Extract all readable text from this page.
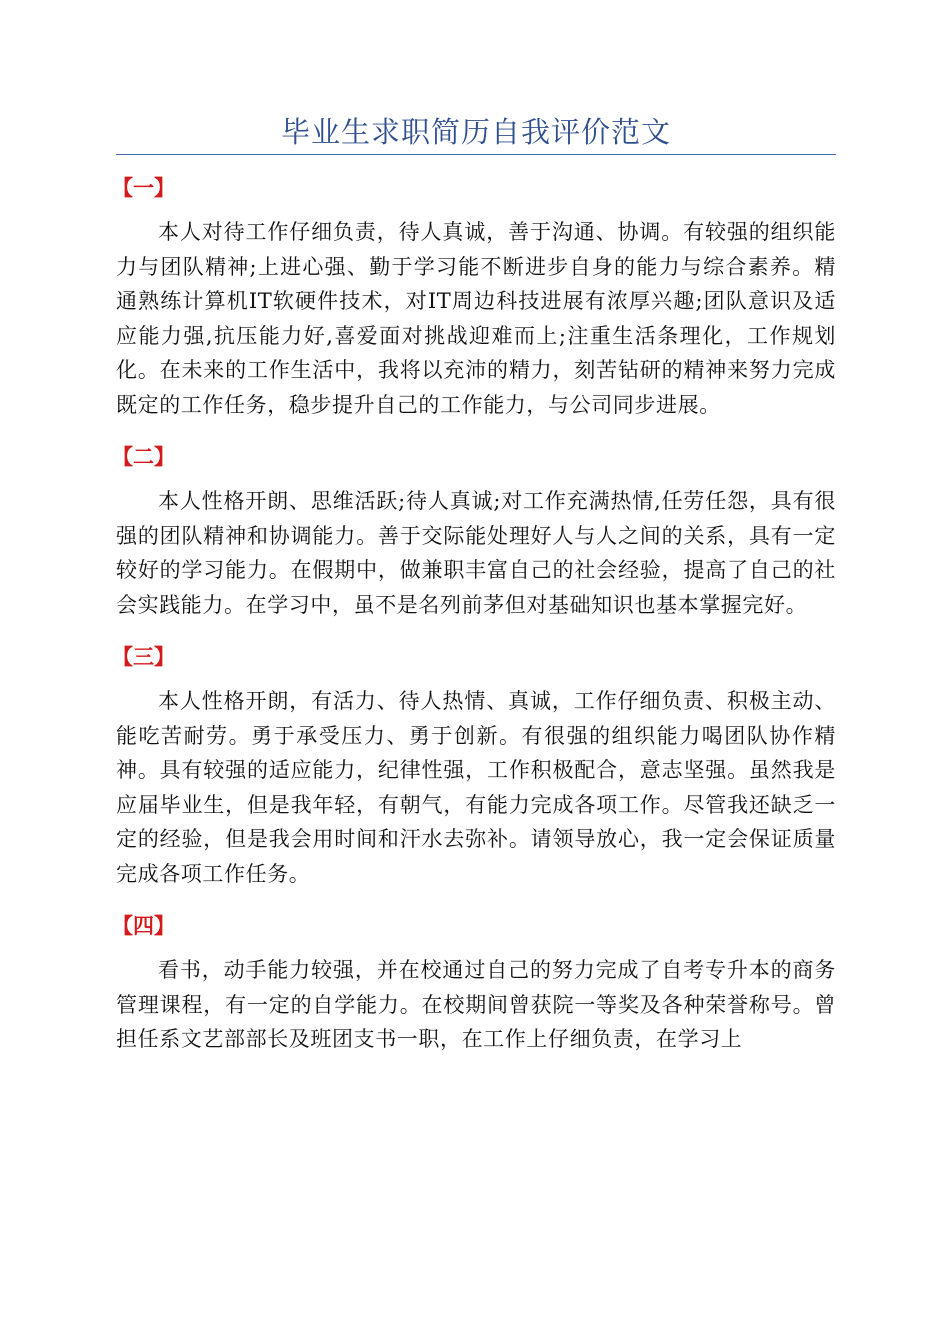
毕业生求职简历自我评价范文
【一】

本人对待工作仔细负责，待人真诚，善于沟通、协调。有较强的组织能力与团队精神;上进心强、勤于学习能不断进步自身的能力与综合素养。精通熟练计算机IT软硬件技术，对IT周边科技进展有浓厚兴趣;团队意识及适应能力强,抗压能力好,喜爱面对挑战迎难而上;注重生活条理化，工作规划化。在未来的工作生活中，我将以充沛的精力，刻苦钻研的精神来努力完成既定的工作任务，稳步提升自己的工作能力，与公司同步进展。

【二】

本人性格开朗、思维活跃;待人真诚;对工作充满热情,任劳任怨，具有很强的团队精神和协调能力。善于交际能处理好人与人之间的关系，具有一定较好的学习能力。在假期中，做兼职丰富自己的社会经验，提高了自己的社会实践能力。在学习中，虽不是名列前茅但对基础知识也基本掌握完好。

【三】

本人性格开朗，有活力、待人热情、真诚，工作仔细负责、积极主动、能吃苦耐劳。勇于承受压力、勇于创新。有很强的组织能力喝团队协作精神。具有较强的适应能力，纪律性强，工作积极配合，意志坚强。虽然我是应届毕业生，但是我年轻，有朝气，有能力完成各项工作。尽管我还缺乏一定的经验，但是我会用时间和汗水去弥补。请领导放心，我一定会保证质量完成各项工作任务。

【四】

看书，动手能力较强，并在校通过自己的努力完成了自考专升本的商务管理课程，有一定的自学能力。在校期间曾获院一等奖及各种荣誉称号。曾担任系文艺部部长及班团支书一职，在工作上仔细负责，在学习上
